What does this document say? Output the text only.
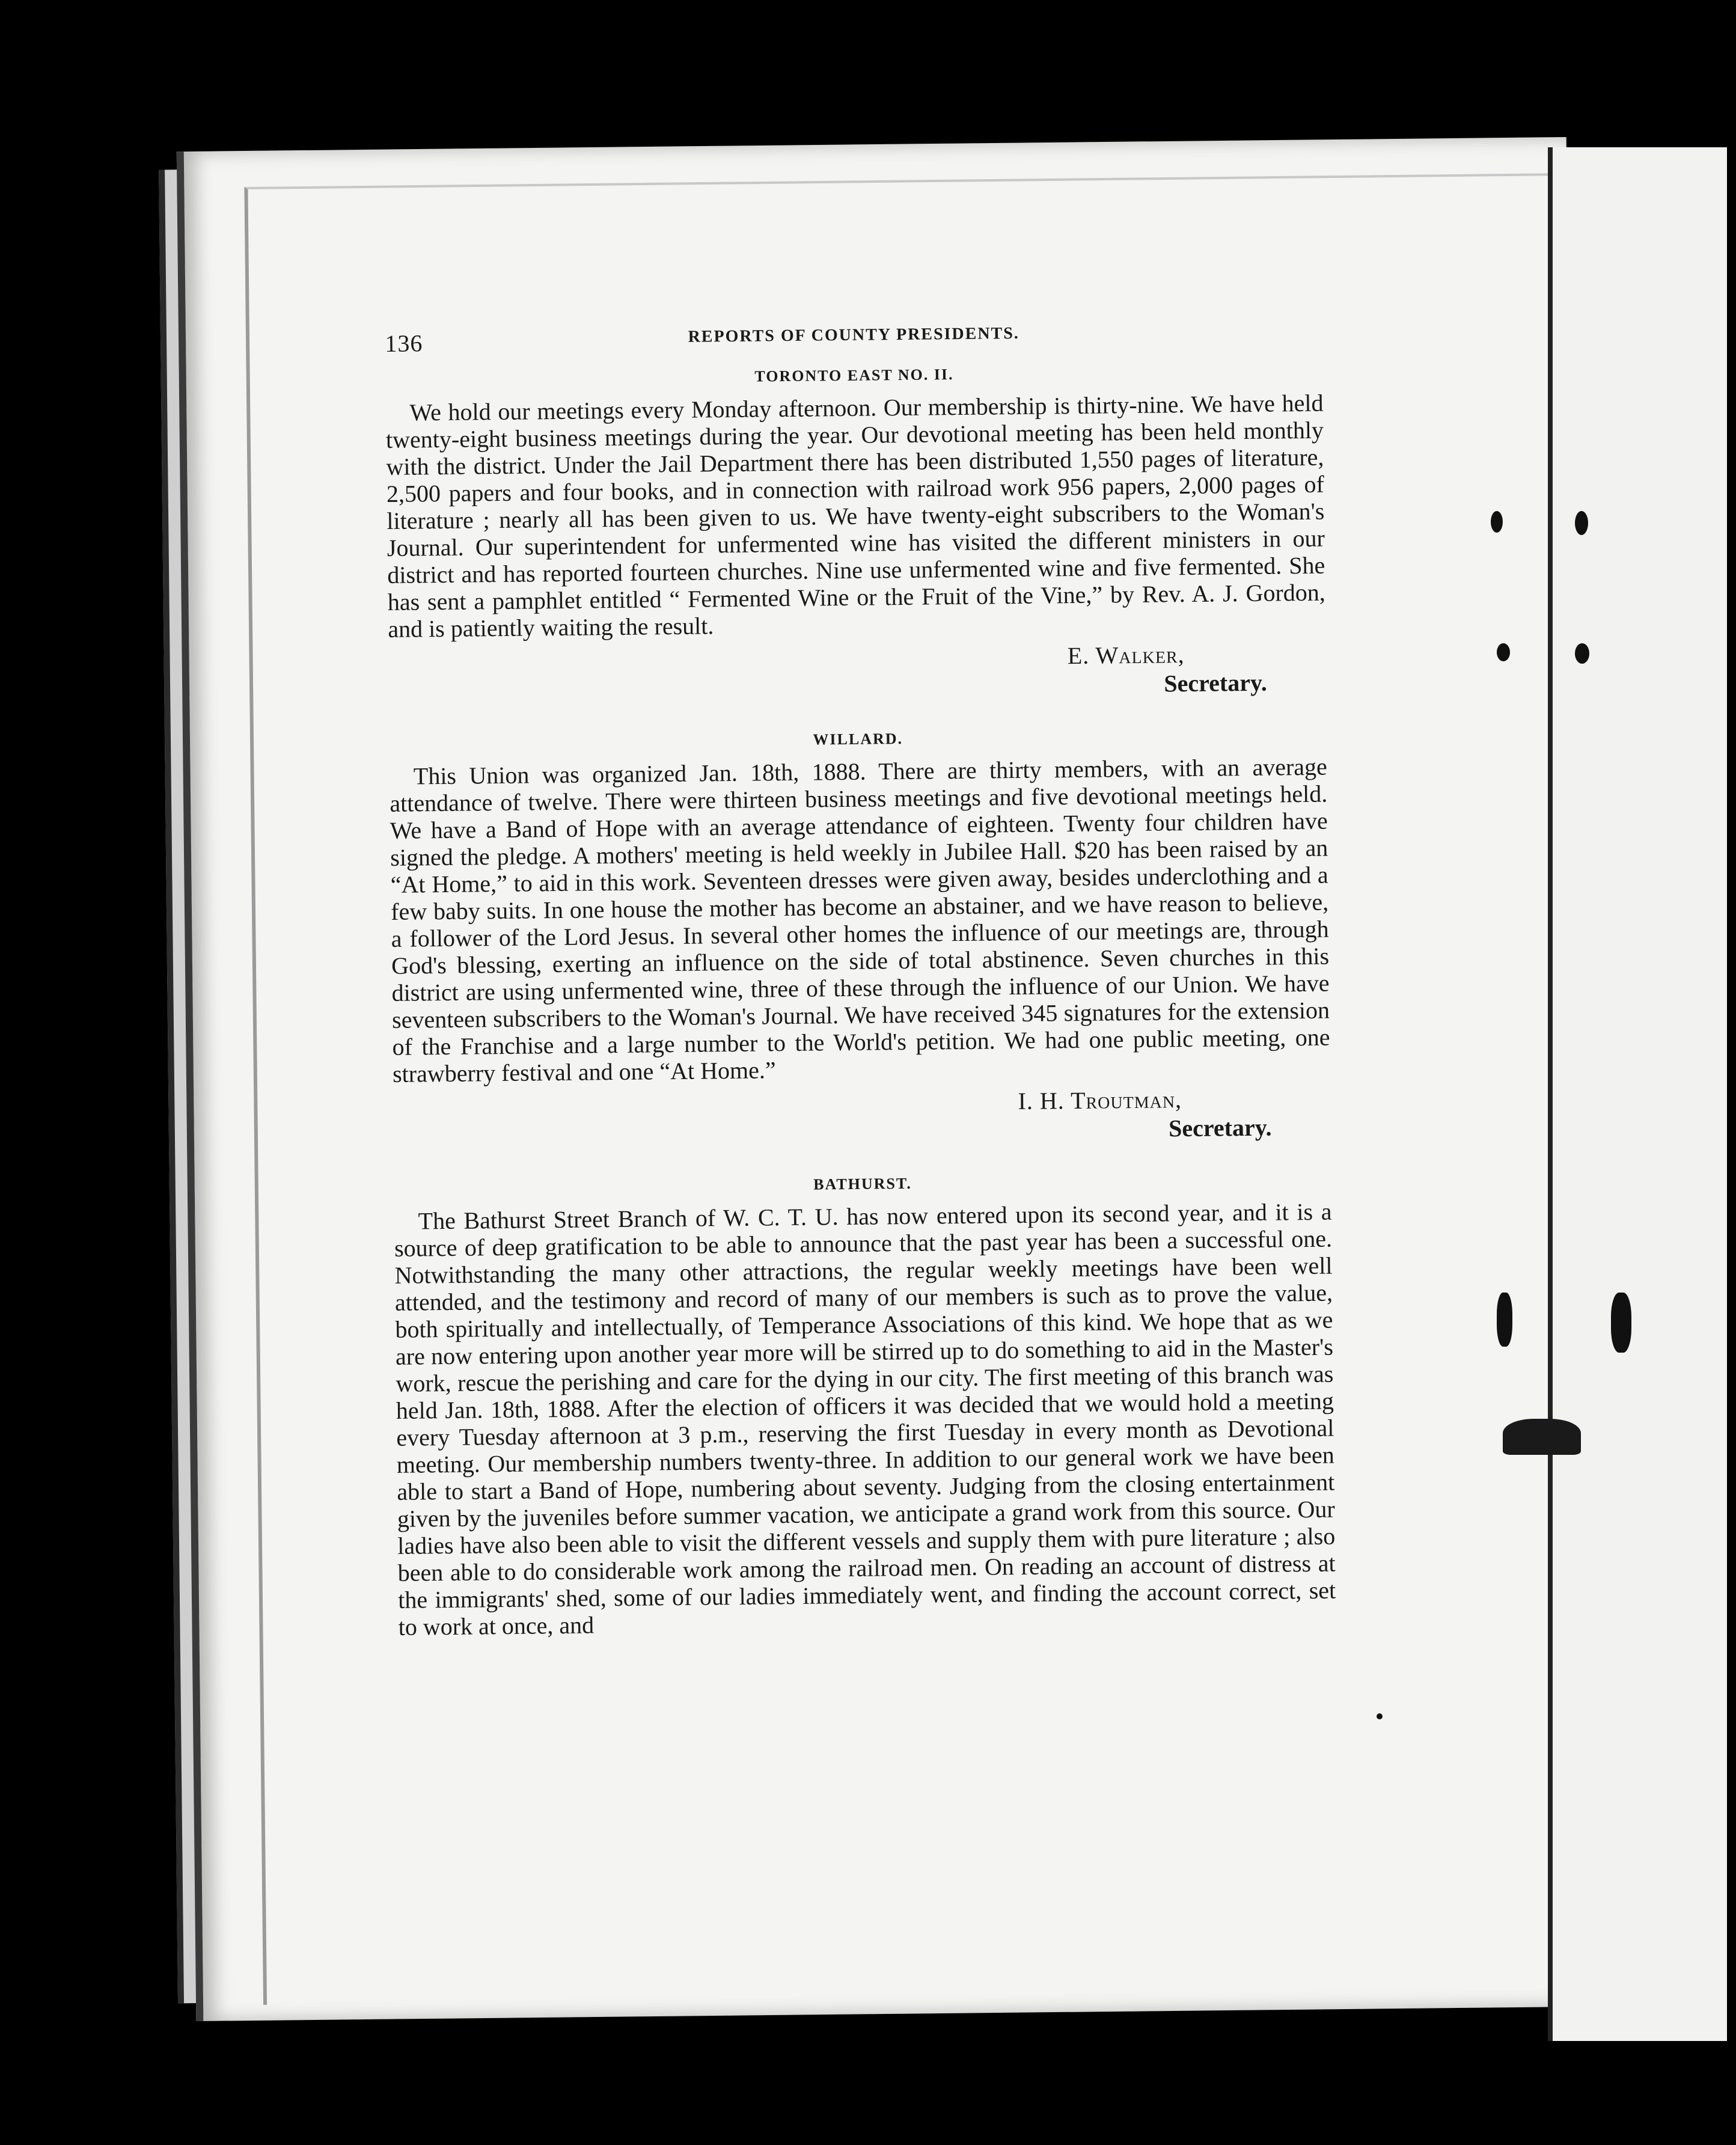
136	REPORTS OF COUNTY PRESIDENTS.
TORONTO EAST NO. II.

We hold our meetings every Monday afternoon. Our membership is thirty-nine. We have held twenty-eight business meetings during the year. Our devotional meeting has been held monthly with the district. Under the Jail Department there has been distributed 1,550 pages of literature, 2,500 papers and four books, and in connection with railroad work 956 papers, 2,000 pages of literature ; nearly all has been given to us. We have twenty-eight subscribers to the Woman's Journal. Our superintendent for unfermented wine has visited the different ministers in our district and has reported fourteen churches. Nine use unfermented wine and five fermented. She has sent a pamphlet entitled “ Fermented Wine or the Fruit of the Vine,” by Rev. A. J. Gordon, and is patiently waiting the result.

E. Walker,
Secretary.
WILLARD.

This Union was organized Jan. 18th, 1888. There are thirty members, with an average attendance of twelve. There were thirteen business meetings and five devotional meetings held. We have a Band of Hope with an average attendance of eighteen. Twenty four children have signed the pledge. A mothers' meeting is held weekly in Jubilee Hall. $20 has been raised by an “At Home,” to aid in this work. Seventeen dresses were given away, besides underclothing and a few baby suits. In one house the mother has become an abstainer, and we have reason to believe, a follower of the Lord Jesus. In several other homes the influence of our meetings are, through God's blessing, exerting an influence on the side of total abstinence. Seven churches in this district are using unfermented wine, three of these through the influence of our Union. We have seventeen subscribers to the Woman's Journal. We have received 345 signatures for the extension of the Franchise and a large number to the World's petition. We had one public meeting, one strawberry festival and one “At Home.”

I. H. Troutman,
Secretary.
BATHURST.

The Bathurst Street Branch of W. C. T. U. has now entered upon its second year, and it is a source of deep gratification to be able to announce that the past year has been a successful one. Notwithstanding the many other attractions, the regular weekly meetings have been well attended, and the testimony and record of many of our members is such as to prove the value, both spiritually and intellectually, of Temperance Associations of this kind. We hope that as we are now entering upon another year more will be stirred up to do something to aid in the Master's work, rescue the perishing and care for the dying in our city. The first meeting of this branch was held Jan. 18th, 1888. After the election of officers it was decided that we would hold a meeting every Tuesday afternoon at 3 p.m., reserving the first Tuesday in every month as Devotional meeting. Our membership numbers twenty-three. In addition to our general work we have been able to start a Band of Hope, numbering about seventy. Judging from the closing entertainment given by the juveniles before summer vacation, we anticipate a grand work from this source. Our ladies have also been able to visit the different vessels and supply them with pure literature ; also been able to do considerable work among the railroad men. On reading an account of distress at the immigrants' shed, some of our ladies immediately went, and finding the account correct, set to work at once, and
